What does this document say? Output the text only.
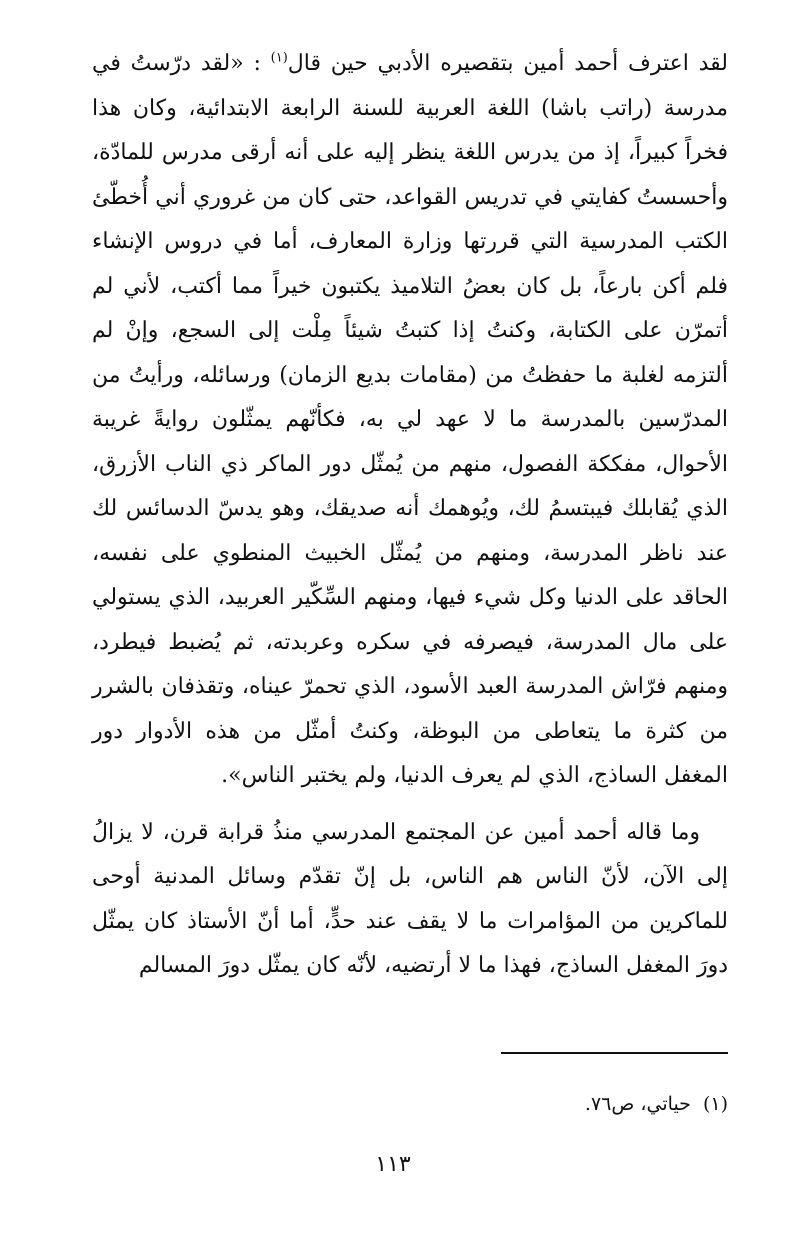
لقد اعترف أحمد أمين بتقصيره الأدبي حين قال$^{(١)}$ : «لقد درّستُ في مدرسة (راتب باشا) اللغة العربية للسنة الرابعة الابتدائية، وكان هذا فخراً كبيراً، إذ من يدرس اللغة ينظر إليه على أنه أرقى مدرس للمادّة، وأحسستُ كفايتي في تدريس القواعد، حتى كان من غروري أني أُخطّئ الكتب المدرسية التي قررتها وزارة المعارف، أما في دروس الإنشاء فلم أكن بارعاً، بل كان بعضُ التلاميذ يكتبون خيراً مما أكتب، لأني لم أتمرّن على الكتابة، وكنتُ إذا كتبتُ شيئاً مِلْت إلى السجع، وإنْ لم ألتزمه لغلبة ما حفظتُ من (مقامات بديع الزمان) ورسائله، ورأيتُ من المدرّسين بالمدرسة ما لا عهد لي به، فكأنّهم يمثّلون روايةً غريبة الأحوال، مفككة الفصول، منهم من يُمثّل دور الماكر ذي الناب الأزرق، الذي يُقابلك فيبتسمُ لك، ويُوهمك أنه صديقك، وهو يدسّ الدسائس لك عند ناظر المدرسة، ومنهم من يُمثّل الخبيث المنطوي على نفسه، الحاقد على الدنيا وكل شيء فيها، ومنهم السِّكّير العربيد، الذي يستولي على مال المدرسة، فيصرفه في سكره وعربدته، ثم يُضبط فيطرد، ومنهم فرّاش المدرسة العبد الأسود، الذي تحمرّ عيناه، وتقذفان بالشرر من كثرة ما يتعاطى من البوظة، وكنتُ أمثّل من هذه الأدوار دور المغفل الساذج، الذي لم يعرف الدنيا، ولم يختبر الناس».

وما قاله أحمد أمين عن المجتمع المدرسي منذُ قرابة قرن، لا يزالُ إلى الآن، لأنّ الناس هم الناس، بل إنّ تقدّم وسائل المدنية أوحى للماكرين من المؤامرات ما لا يقف عند حدٍّ، أما أنّ الأستاذ كان يمثّل دورَ المغفل الساذج، فهذا ما لا أرتضيه، لأنّه كان يمثّل دورَ المسالم

(١)حياتي، ص٧٦.
١١٣
